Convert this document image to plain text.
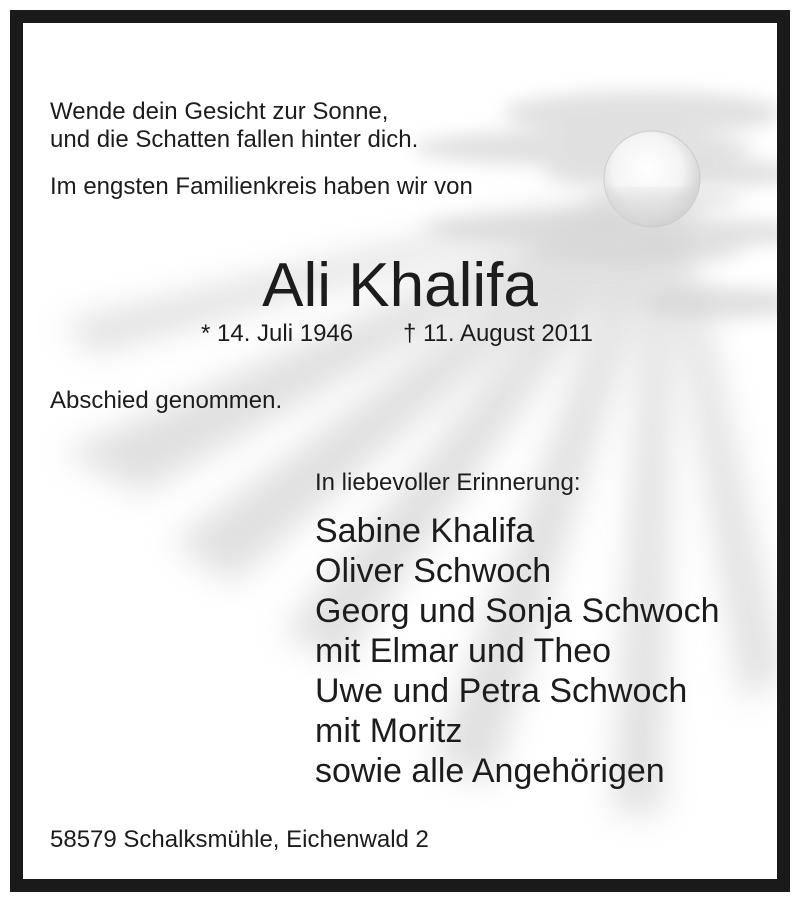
Wende dein Gesicht zur Sonne,
und die Schatten fallen hinter dich.

Im engsten Familienkreis haben wir von

Ali Khalifa
* 14. Juli 1946 † 11. August 2011

Abschied genommen.

In liebevoller Erinnerung:

Sabine Khalifa
Oliver Schwoch
Georg und Sonja Schwoch
mit Elmar und Theo
Uwe und Petra Schwoch
mit Moritz
sowie alle Angehörigen

58579 Schalksmühle, Eichenwald 2
